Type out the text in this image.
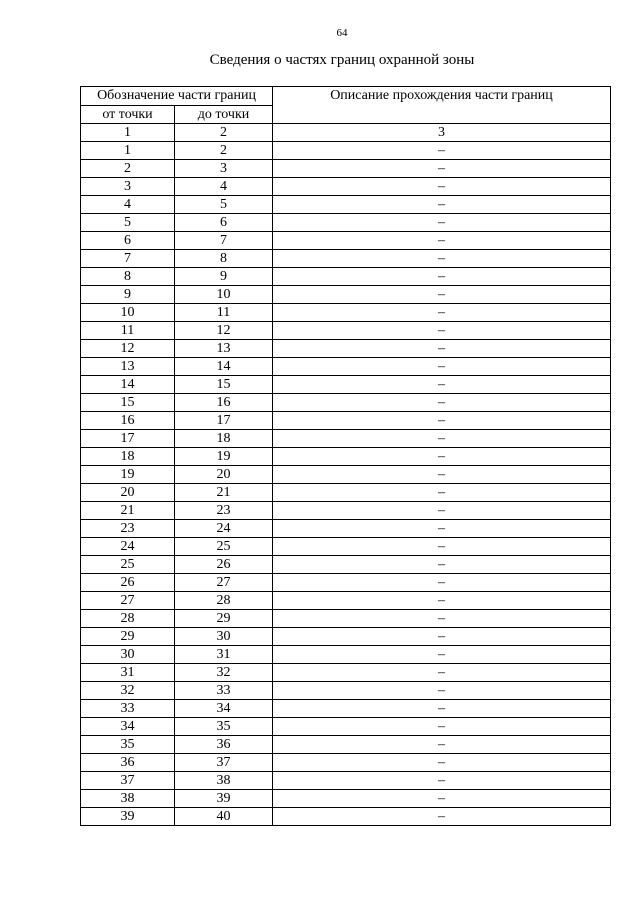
64
Сведения о частях границ охранной зоны
Обозначение части границ		Описание прохождения части границ
от точки	до точки	
1	2	3
1	2	–
2	3	–
3	4	–
4	5	–
5	6	–
6	7	–
7	8	–
8	9	–
9	10	–
10	11	–
11	12	–
12	13	–
13	14	–
14	15	–
15	16	–
16	17	–
17	18	–
18	19	–
19	20	–
20	21	–
21	23	–
23	24	–
24	25	–
25	26	–
26	27	–
27	28	–
28	29	–
29	30	–
30	31	–
31	32	–
32	33	–
33	34	–
34	35	–
35	36	–
36	37	–
37	38	–
38	39	–
39	40	–
